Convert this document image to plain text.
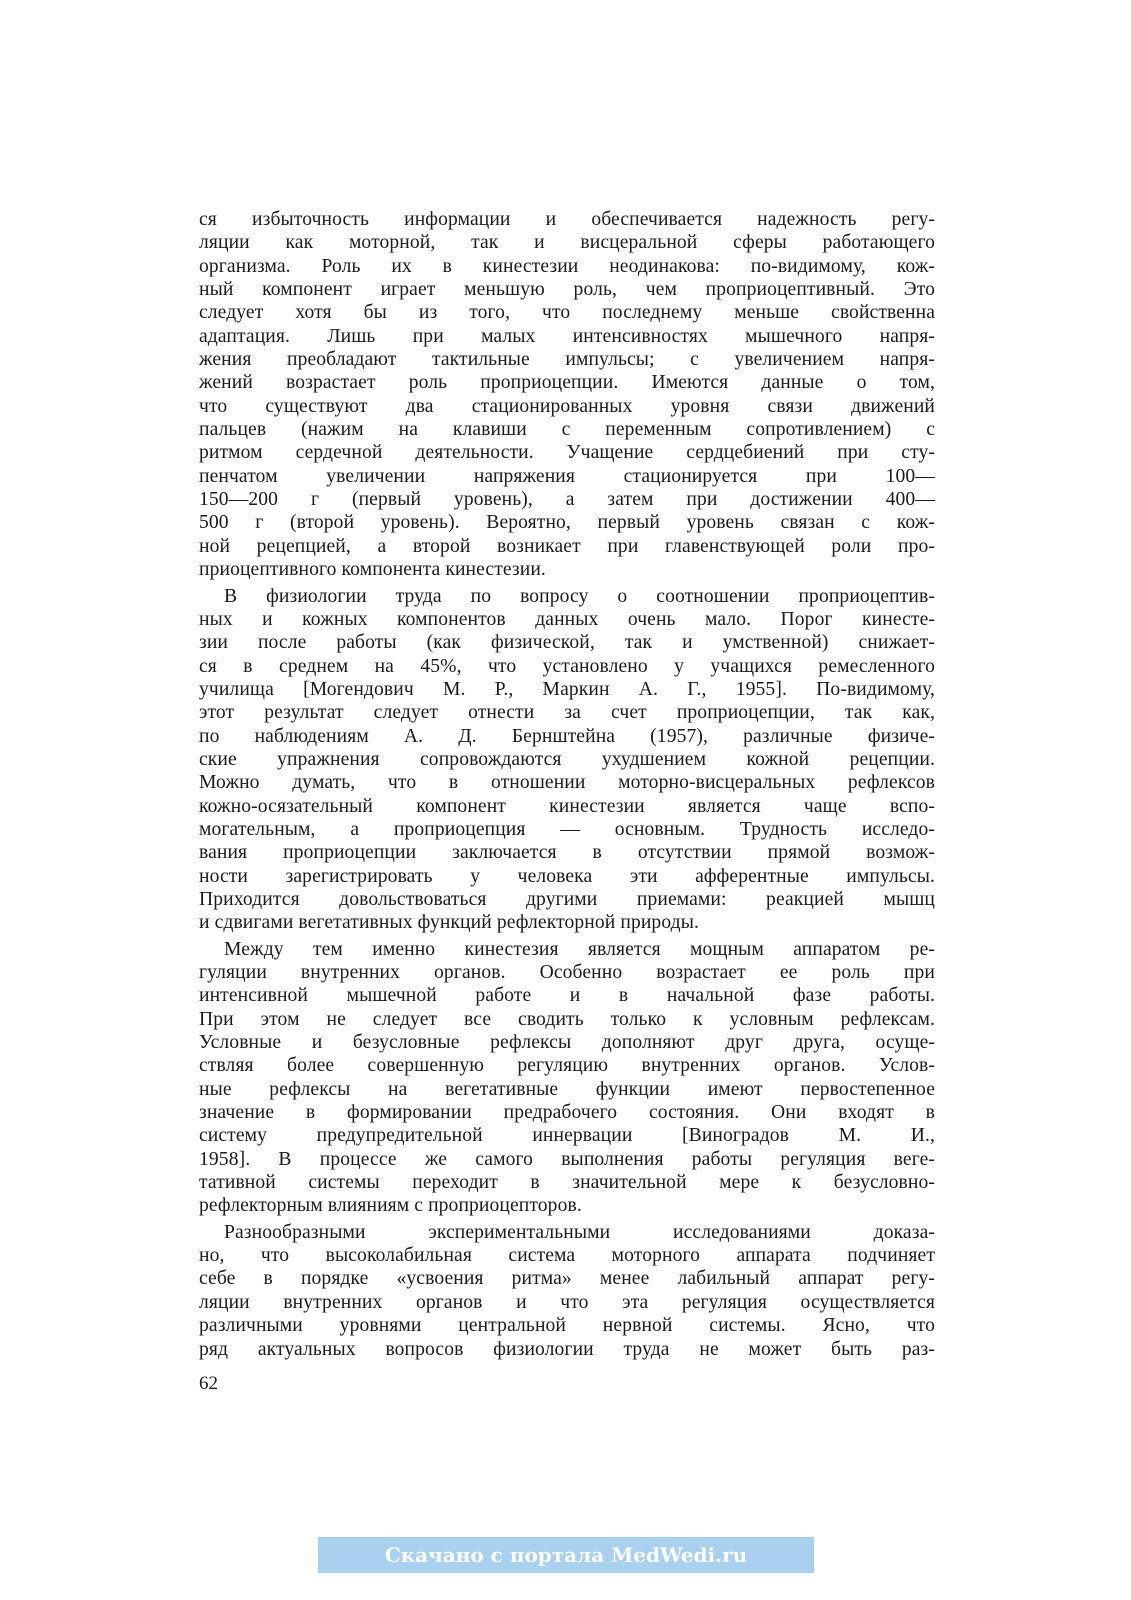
ся избыточность информации и обеспечивается надежность регу-
ляции как моторной, так и висцеральной сферы работающего
организма. Роль их в кинестезии неодинакова: по-видимому, кож-
ный компонент играет меньшую роль, чем проприоцептивный. Это
следует хотя бы из того, что последнему меньше свойственна
адаптация. Лишь при малых интенсивностях мышечного напря-
жения преобладают тактильные импульсы; с увеличением напря-
жений возрастает роль проприоцепции. Имеются данные о том,
что существуют два стационированных уровня связи движений
пальцев (нажим на клавиши с переменным сопротивлением) с
ритмом сердечной деятельности. Учащение сердцебиений при сту-
пенчатом увеличении напряжения стационируется при 100—
150—200 г (первый уровень), а затем при достижении 400—
500 г (второй уровень). Вероятно, первый уровень связан с кож-
ной рецепцией, а второй возникает при главенствующей роли про-
приоцептивного компонента кинестезии.
В физиологии труда по вопросу о соотношении проприоцептив-
ных и кожных компонентов данных очень мало. Порог кинесте-
зии после работы (как физической, так и умственной) снижает-
ся в среднем на 45%, что установлено у учащихся ремесленного
училища [Могендович М. Р., Маркин А. Г., 1955]. По-видимому,
этот результат следует отнести за счет проприоцепции, так как,
по наблюдениям А. Д. Бернштейна (1957), различные физиче-
ские упражнения сопровождаются ухудшением кожной рецепции.
Можно думать, что в отношении моторно-висцеральных рефлексов
кожно-осязательный компонент кинестезии является чаще вспо-
могательным, а проприоцепция — основным. Трудность исследо-
вания проприоцепции заключается в отсутствии прямой возмож-
ности зарегистрировать у человека эти афферентные импульсы.
Приходится довольствоваться другими приемами: реакцией мышц
и сдвигами вегетативных функций рефлекторной природы.
Между тем именно кинестезия является мощным аппаратом ре-
гуляции внутренних органов. Особенно возрастает ее роль при
интенсивной мышечной работе и в начальной фазе работы.
При этом не следует все сводить только к условным рефлексам.
Условные и безусловные рефлексы дополняют друг друга, осуще-
ствляя более совершенную регуляцию внутренних органов. Услов-
ные рефлексы на вегетативные функции имеют первостепенное
значение в формировании предрабочего состояния. Они входят в
систему предупредительной иннервации [Виноградов М. И.,
1958]. В процессе же самого выполнения работы регуляция веге-
тативной системы переходит в значительной мере к безусловно-
рефлекторным влияниям с проприоцепторов.
Разнообразными экспериментальными исследованиями доказа-
но, что высоколабильная система моторного аппарата подчиняет
себе в порядке «усвоения ритма» менее лабильный аппарат регу-
ляции внутренних органов и что эта регуляция осуществляется
различными уровнями центральной нервной системы. Ясно, что
ряд актуальных вопросов физиологии труда не может быть раз-
62
Скачано с портала MedWedi.ru
